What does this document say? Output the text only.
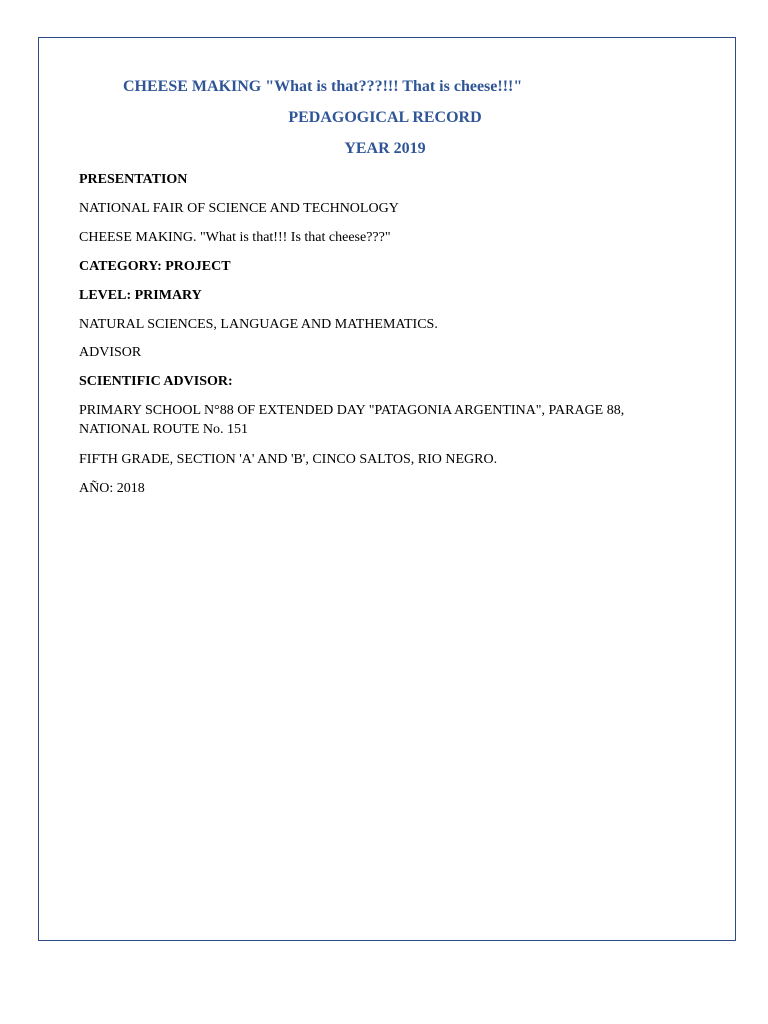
CHEESE MAKING "What is that???!!! That is cheese!!!"
PEDAGOGICAL RECORD
YEAR 2019
PRESENTATION
NATIONAL FAIR OF SCIENCE AND TECHNOLOGY
CHEESE MAKING. "What is that!!! Is that cheese???"
CATEGORY: PROJECT
LEVEL: PRIMARY
NATURAL SCIENCES, LANGUAGE AND MATHEMATICS.
ADVISOR
SCIENTIFIC ADVISOR:
PRIMARY SCHOOL N°88 OF EXTENDED DAY "PATAGONIA ARGENTINA", PARAGE 88, NATIONAL ROUTE No. 151
FIFTH GRADE, SECTION 'A' AND 'B', CINCO SALTOS, RIO NEGRO.
AÑO: 2018
